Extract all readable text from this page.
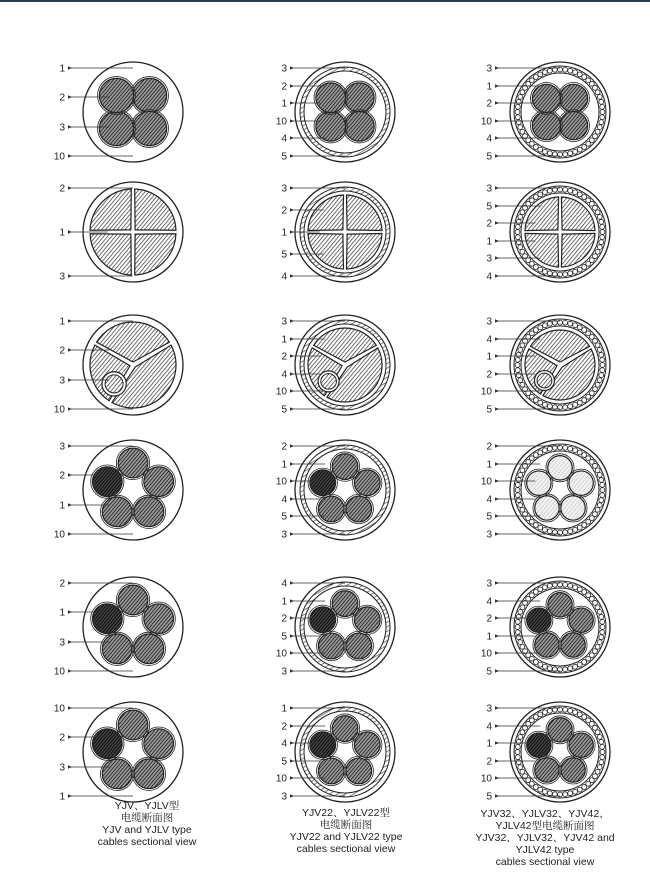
1
2
3
10
2
1
3
1
2
3
10
3
2
1
10
2
1
3
10
10
2
3
1
3
2
1
10
4
5
3
2
1
5
4
3
1
2
4
10
5
2
1
10
4
5
3
4
1
2
5
10
3
1
2
4
5
10
3
3
1
2
10
4
5
3
5
2
1
3
4
3
4
1
2
10
5
2
1
10
4
5
3
3
4
2
1
10
5
3
4
1
2
10
5
YJV、YJLV型
电缆断面图
YJV and YJLV type
cables sectional view
YJV22、YJLV22型
电缆断面图
YJV22 and YJLV22 type
cables sectional view
YJV32、YJLV32、YJV42、
YJLV42型电缆断面图
YJV32、YJLV32、YJV42 and
YJLV42 type
cables sectional view
